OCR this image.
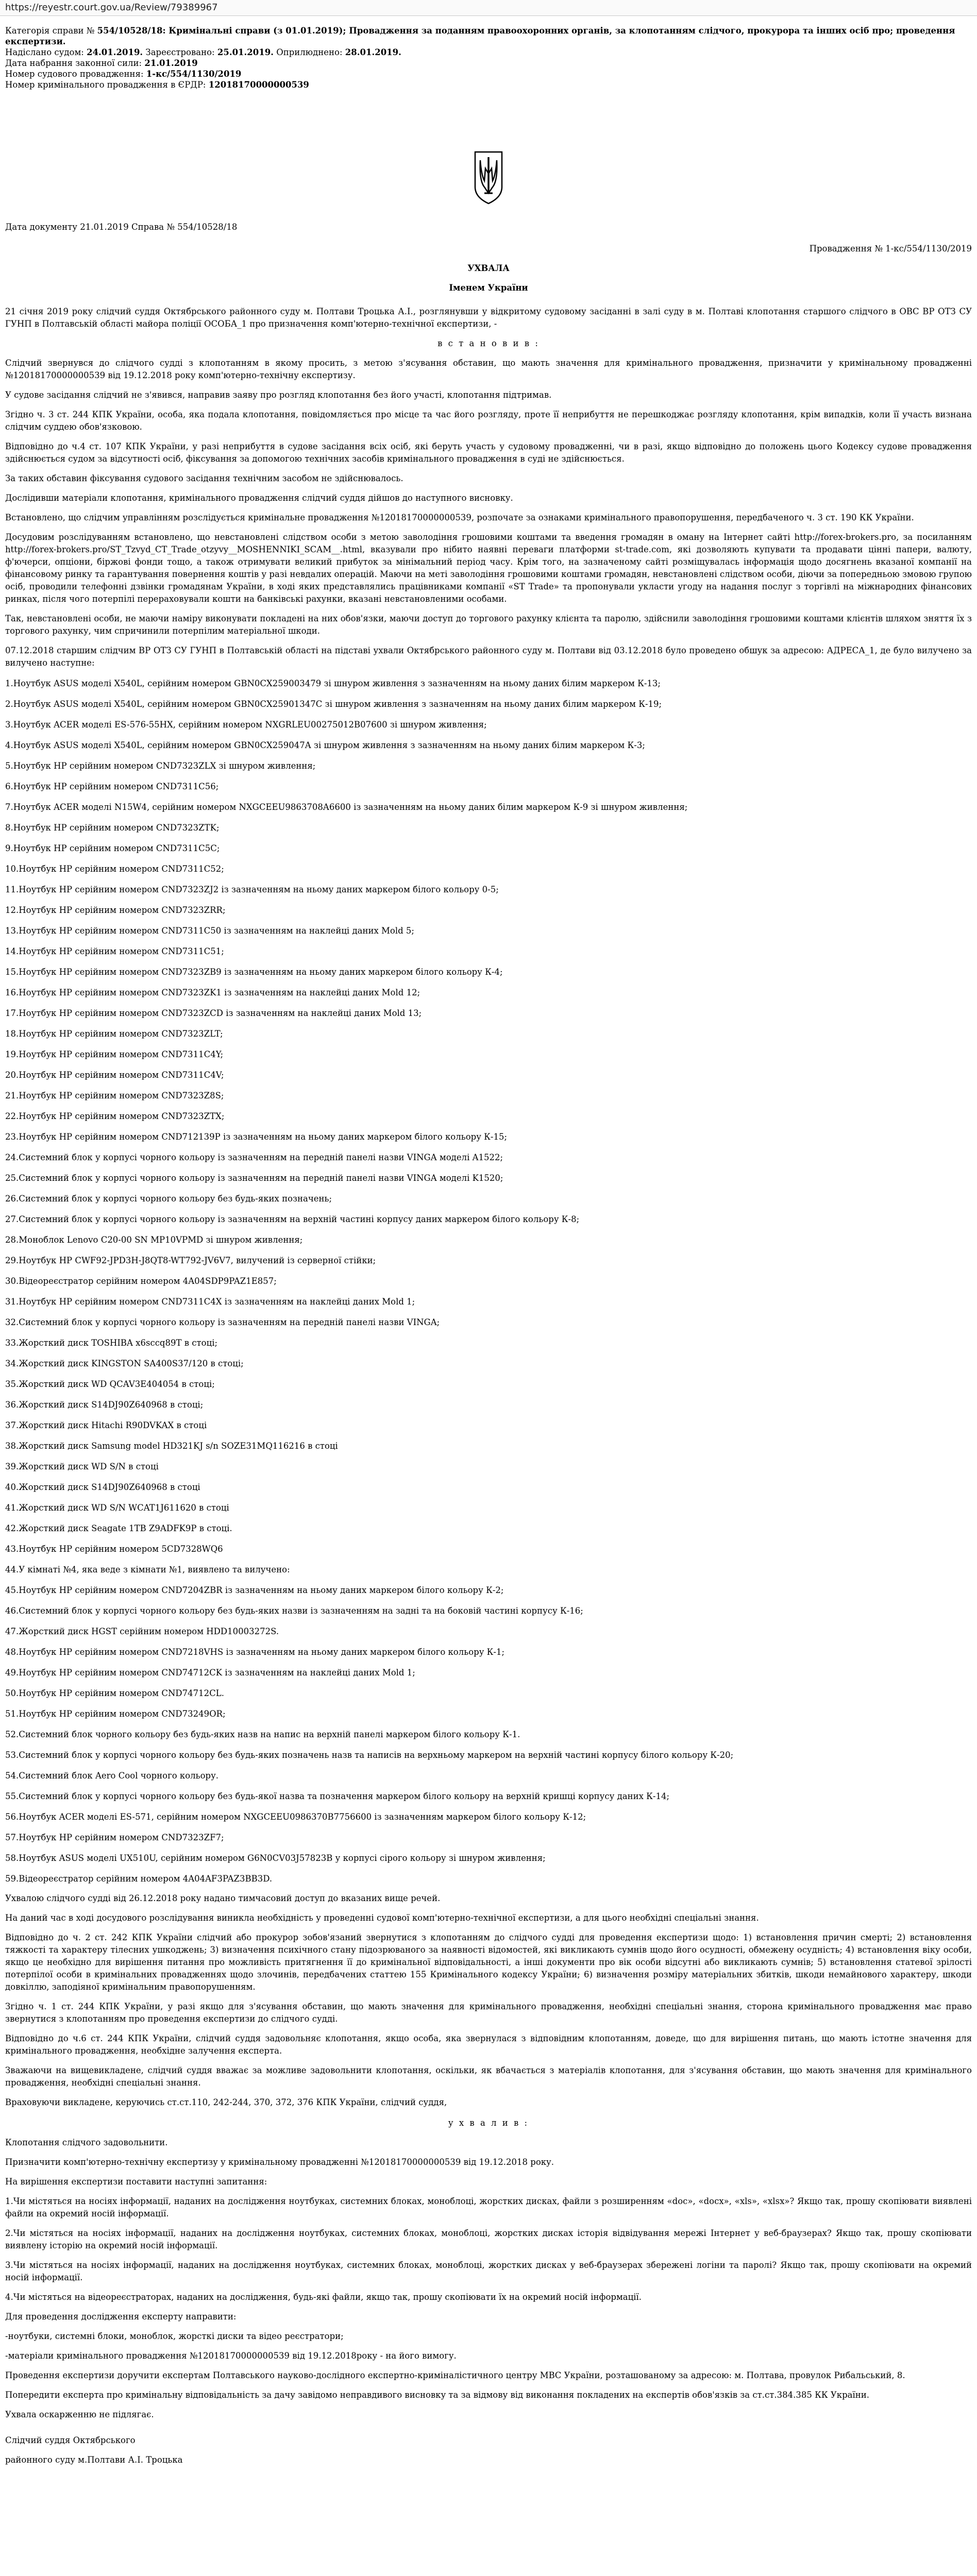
https://reyestr.court.gov.ua/Review/79389967

Категорія справи № 554/10528/18: Кримінальні справи (з 01.01.2019); Провадження за поданням правоохоронних органів, за клопотанням слідчого, прокурора та інших осіб про; проведення експертизи.

Надіслано судом: 24.01.2019. Зареєстровано: 25.01.2019. Оприлюднено: 28.01.2019.

Дата набрання законної сили: 21.01.2019

Номер судового провадження: 1-кс/554/1130/2019

Номер кримінального провадження в ЄРДР: 12018170000000539

Дата документу 21.01.2019 Справа № 554/10528/18
Провадження № 1-кс/554/1130/2019
УХВАЛА
Іменем України

21 січня 2019 року слідчий суддя Октябрського районного суду м. Полтави Троцька А.І., розглянувши у відкритому судовому засіданні в залі суду в м. Полтаві клопотання старшого слідчого в ОВС ВР ОТЗ СУ ГУНП в Полтавській області майора поліції ОСОБА_1 про призначення комп'ютерно-технічної експертизи, -

в с т а н о в и в :

Слідчий звернувся до слідчого судді з клопотанням в якому просить, з метою з'ясування обставин, що мають значення для кримінального провадження, призначити у кримінальному провадженні №12018170000000539 від 19.12.2018 року комп'ютерно-технічну експертизу.

У судове засідання слідчий не з'явився, направив заяву про розгляд клопотання без його участі, клопотання підтримав.

Згідно ч. 3 ст. 244 КПК України, особа, яка подала клопотання, повідомляється про місце та час його розгляду, проте її неприбуття не перешкоджає розгляду клопотання, крім випадків, коли її участь визнана слідчим суддею обов'язковою.

Відповідно до ч.4 ст. 107 КПК України, у разі неприбуття в судове засідання всіх осіб, які беруть участь у судовому провадженні, чи в разі, якщо відповідно до положень цього Кодексу судове провадження здійснюється судом за відсутності осіб, фіксування за допомогою технічних засобів кримінального провадження в суді не здійснюється.

За таких обставин фіксування судового засідання технічним засобом не здійснювалось.

Дослідивши матеріали клопотання, кримінального провадження слідчий суддя дійшов до наступного висновку.

Встановлено, що слідчим управлінням розслідується кримінальне провадження №12018170000000539, розпочате за ознаками кримінального правопорушення, передбаченого ч. 3 ст. 190 КК України.

Досудовим розслідуванням встановлено, що невстановлені слідством особи з метою заволодіння грошовими коштами та введення громадян в оману на Інтернет сайті http://forex-brokers.pro, за посиланням http://forex-brokers.pro/ST_Tzvyd_CT_Trade_otzyvy__MOSHENNIKI_SCAM__.html, вказували про нібито наявні переваги платформи st-trade.com, які дозволяють купувати та продавати цінні папери, валюту, ф'ючерси, опціони, біржові фонди тощо, а також отримувати великий прибуток за мінімальний період часу. Крім того, на зазначеному сайті розміщувалась інформація щодо досягнень вказаної компанії на фінансовому ринку та гарантування повернення коштів у разі невдалих операцій. Маючи на меті заволодіння грошовими коштами громадян, невстановлені слідством особи, діючи за попередньою змовою групою осіб, проводили телефонні дзвінки громадянам України, в ході яких представлялись працівниками компанії «ST Trade» та пропонували укласти угоду на надання послуг з торгівлі на міжнародних фінансових ринках, після чого потерпілі перераховували кошти на банківські рахунки, вказані невстановленими особами.

Так, невстановлені особи, не маючи наміру виконувати покладені на них обов'язки, маючи доступ до торгового рахунку клієнта та паролю, здійснили заволодіння грошовими коштами клієнтів шляхом зняття їх з торгового рахунку, чим спричинили потерпілим матеріальної шкоди.

07.12.2018 старшим слідчим ВР ОТЗ СУ ГУНП в Полтавській області на підставі ухвали Октябрського районного суду м. Полтави від 03.12.2018 було проведено обшук за адресою: АДРЕСА_1, де було вилучено за вилучено наступне:

1.Ноутбук ASUS моделі X540L, серійним номером GBN0CX259003479 зі шнуром живлення з зазначенням на ньому даних білим маркером К-13;

2.Ноутбук ASUS моделі X540L, серійним номером GBN0CX25901347C зі шнуром живлення з зазначенням на ньому даних білим маркером К-19;

3.Ноутбук ACER моделі ES-576-55HX, серійним номером NXGRLEU00275012B07600 зі шнуром живлення;

4.Ноутбук ASUS моделі X540L, серійним номером GBN0CX259047A зі шнуром живлення з зазначенням на ньому даних білим маркером К-3;

5.Ноутбук HP серійним номером CND7323ZLX зі шнуром живлення;

6.Ноутбук HP серійним номером CND7311C56;

7.Ноутбук ACER моделі N15W4, серійним номером NXGCEEU9863708A6600 із зазначенням на ньому даних білим маркером К-9 зі шнуром живлення;

8.Ноутбук HP серійним номером CND7323ZTK;

9.Ноутбук HP серійним номером CND7311C5C;

10.Ноутбук HP серійним номером CND7311C52;

11.Ноутбук HP серійним номером CND7323ZJ2 із зазначенням на ньому даних маркером білого кольору 0-5;

12.Ноутбук HP серійним номером CND7323ZRR;

13.Ноутбук HP серійним номером CND7311C50 із зазначенням на наклейці даних Mold 5;

14.Ноутбук HP серійним номером CND7311C51;

15.Ноутбук HP серійним номером CND7323ZB9 із зазначенням на ньому даних маркером білого кольору К-4;

16.Ноутбук HP серійним номером CND7323ZK1 із зазначенням на наклейці даних Mold 12;

17.Ноутбук HP серійним номером CND7323ZCD із зазначенням на наклейці даних Mold 13;

18.Ноутбук HP серійним номером CND7323ZLT;

19.Ноутбук HP серійним номером CND7311C4Y;

20.Ноутбук HP серійним номером CND7311C4V;

21.Ноутбук HP серійним номером CND7323Z8S;

22.Ноутбук HP серійним номером CND7323ZTX;

23.Ноутбук HP серійним номером CND712139P із зазначенням на ньому даних маркером білого кольору К-15;

24.Системний блок у корпусі чорного кольору із зазначенням на передній панелі назви VINGA моделі A1522;

25.Системний блок у корпусі чорного кольору із зазначенням на передній панелі назви VINGA моделі K1520;

26.Системний блок у корпусі чорного кольору без будь-яких позначень;

27.Системний блок у корпусі чорного кольору із зазначенням на верхній частині корпусу даних маркером білого кольору К-8;

28.Моноблок Lenovo C20-00 SN MP10VPMD зі шнуром живлення;

29.Ноутбук HP CWF92-JPD3H-J8QT8-WT792-JV6V7, вилучений із серверної стійки;

30.Відеореєстратор серійним номером 4A04SDP9PAZ1E857;

31.Ноутбук HP серійним номером CND7311C4X із зазначенням на наклейці даних Mold 1;

32.Системний блок у корпусі чорного кольору із зазначенням на передній панелі назви VINGA;

33.Жорсткий диск TOSHIBA x6sccq89T в стоці;

34.Жорсткий диск KINGSTON SA400S37/120 в стоці;

35.Жорсткий диск WD QCAV3E404054 в стоці;

36.Жорсткий диск S14DJ90Z640968 в стоці;

37.Жорсткий диск Hitachi R90DVKAX в стоці

38.Жорсткий диск Samsung model HD321KJ s/n SOZE31MQ116216 в стоці

39.Жорсткий диск WD S/N в стоці

40.Жорсткий диск S14DJ90Z640968 в стоці

41.Жорсткий диск WD S/N WCAT1J611620 в стоці

42.Жорсткий диск Seagate 1TB Z9ADFK9P в стоці.

43.Ноутбук HP серійним номером 5CD7328WQ6

44.У кімнаті №4, яка веде з кімнати №1, виявлено та вилучено:

45.Ноутбук HP серійним номером CND7204ZBR із зазначенням на ньому даних маркером білого кольору К-2;

46.Системний блок у корпусі чорного кольору без будь-яких назви із зазначенням на задні та на боковій частині корпусу К-16;

47.Жорсткий диск HGST серійним номером HDD10003272S.

48.Ноутбук HP серійним номером CND7218VHS із зазначенням на ньому даних маркером білого кольору К-1;

49.Ноутбук HP серійним номером CND74712CK із зазначенням на наклейці даних Mold 1;

50.Ноутбук HP серійним номером CND74712CL.

51.Ноутбук HP серійним номером CND73249OR;

52.Системний блок чорного кольору без будь-яких назв на напис на верхній панелі маркером білого кольору К-1.

53.Системний блок у корпусі чорного кольору без будь-яких позначень назв та написів на верхньому маркером на верхній частині корпусу білого кольору К-20;

54.Системний блок Aero Cool чорного кольору.

55.Системний блок у корпусі чорного кольору без будь-якої назва та позначення маркером білого кольору на верхній кришці корпусу даних К-14;

56.Ноутбук ACER моделі ES-571, серійним номером NXGCEEU0986370B7756600 із зазначенням маркером білого кольору К-12;

57.Ноутбук HP серійним номером CND7323ZF7;

58.Ноутбук ASUS моделі UX510U, серійним номером G6N0CV03J57823B у корпусі сірого кольору зі шнуром живлення;

59.Відеореєстратор серійним номером 4A04AF3PAZ3BB3D.

Ухвалою слідчого судді від 26.12.2018 року надано тимчасовий доступ до вказаних вище речей.

На даний час в ході досудового розслідування виникла необхідність у проведенні судової комп'ютерно-технічної експертизи, а для цього необхідні спеціальні знання.

Відповідно до ч. 2 ст. 242 КПК України слідчий або прокурор зобов'язаний звернутися з клопотанням до слідчого судді для проведення експертизи щодо: 1) встановлення причин смерті; 2) встановлення тяжкості та характеру тілесних ушкоджень; 3) визначення психічного стану підозрюваного за наявності відомостей, які викликають сумнів щодо його осудності, обмежену осудність; 4) встановлення віку особи, якщо це необхідно для вирішення питання про можливість притягнення її до кримінальної відповідальності, а інші документи про вік особи відсутні або викликають сумнів; 5) встановлення статевої зрілості потерпілої особи в кримінальних провадженнях щодо злочинів, передбачених статтею 155 Кримінального кодексу України; 6) визначення розміру матеріальних збитків, шкоди немайнового характеру, шкоди довкіллю, заподіяної кримінальним правопорушенням.

Згідно ч. 1 ст. 244 КПК України, у разі якщо для з'ясування обставин, що мають значення для кримінального провадження, необхідні спеціальні знання, сторона кримінального провадження має право звернутися з клопотанням про проведення експертизи до слідчого судді.

Відповідно до ч.6 ст. 244 КПК України, слідчий суддя задовольняє клопотання, якщо особа, яка звернулася з відповідним клопотанням, доведе, що для вирішення питань, що мають істотне значення для кримінального провадження, необхідне залучення експерта.

Зважаючи на вищевикладене, слідчий суддя вважає за можливе задовольнити клопотання, оскільки, як вбачається з матеріалів клопотання, для з'ясування обставин, що мають значення для кримінального провадження, необхідні спеціальні знання.

Враховуючи викладене, керуючись ст.ст.110, 242-244, 370, 372, 376 КПК України, слідчий суддя,

у х в а л и в :

Клопотання слідчого задовольнити.

Призначити комп'ютерно-технічну експертизу у кримінальному провадженні №12018170000000539 від 19.12.2018 року.

На вирішення експертизи поставити наступні запитання:

1.Чи містяться на носіях інформації, наданих на дослідження ноутбуках, системних блоках, моноблоці, жорстких дисках, файли з розширенням «doc», «docx», «xls», «xlsx»? Якщо так, прошу скопіювати виявлені файли на окремий носій інформації.

2.Чи містяться на носіях інформації, наданих на дослідження ноутбуках, системних блоках, моноблоці, жорстких дисках історія відвідування мережі Інтернет у веб-браузерах? Якщо так, прошу скопіювати виявлену історію на окремий носій інформації.

3.Чи містяться на носіях інформації, наданих на дослідження ноутбуках, системних блоках, моноблоці, жорстких дисках у веб-браузерах збережені логіни та паролі? Якщо так, прошу скопіювати на окремий носій інформації.

4.Чи містяться на відеореєстраторах, наданих на дослідження, будь-які файли, якщо так, прошу скопіювати їх на окремий носій інформації.

Для проведення дослідження експерту направити:

-ноутбуки, системні блоки, моноблок, жорсткі диски та відео реєстратори;

-матеріали кримінального провадження №12018170000000539 від 19.12.2018року - на його вимогу.

Проведення експертизи доручити експертам Полтавського науково-дослідного експертно-криміналістичного центру МВС України, розташованому за адресою: м. Полтава, провулок Рибальський, 8.

Попередити експерта про кримінальну відповідальність за дачу завідомо неправдивого висновку та за відмову від виконання покладених на експертів обов'язків за ст.ст.384.385 КК України.

Ухвала оскарженню не підлягає.

Слідчий суддя Октябрського
районного суду м.Полтави А.І. Троцька
